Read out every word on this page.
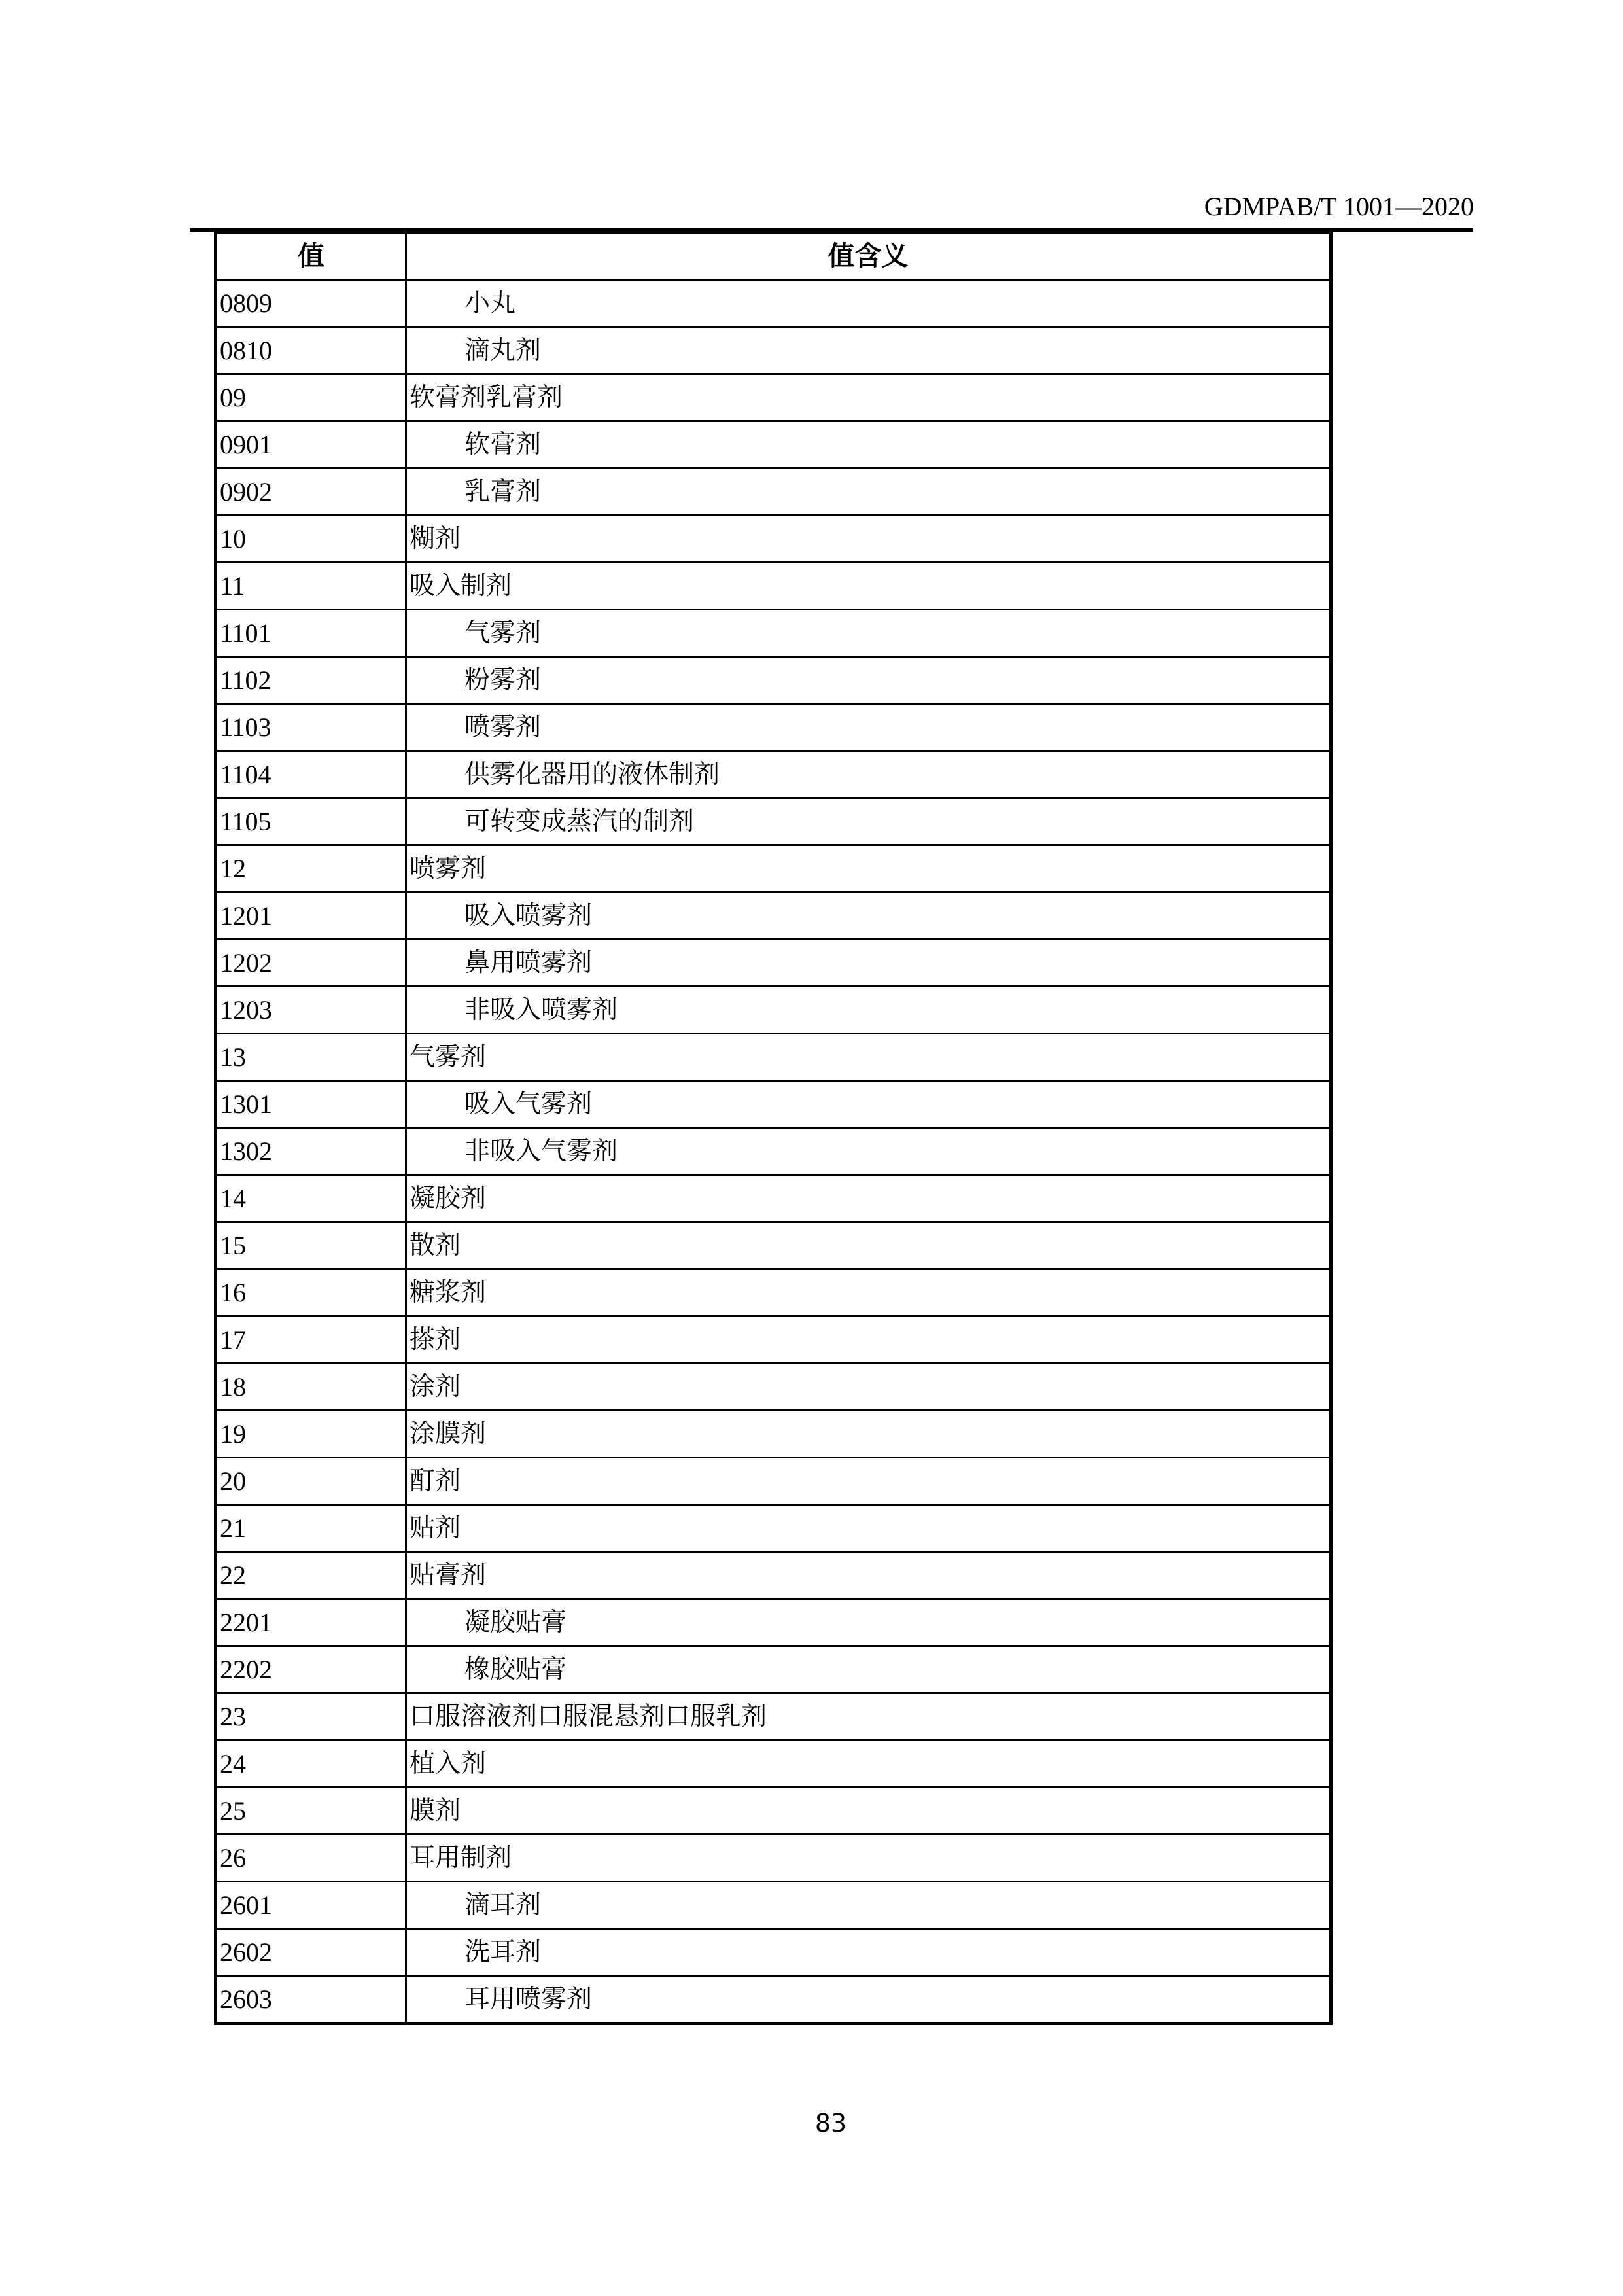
GDMPAB/T 1001—2020
值	值含义
0809	小丸
0810	滴丸剂
09	软膏剂乳膏剂
0901	软膏剂
0902	乳膏剂
10	糊剂
11	吸入制剂
1101	气雾剂
1102	粉雾剂
1103	喷雾剂
1104	供雾化器用的液体制剂
1105	可转变成蒸汽的制剂
12	喷雾剂
1201	吸入喷雾剂
1202	鼻用喷雾剂
1203	非吸入喷雾剂
13	气雾剂
1301	吸入气雾剂
1302	非吸入气雾剂
14	凝胶剂
15	散剂
16	糖浆剂
17	搽剂
18	涂剂
19	涂膜剂
20	酊剂
21	贴剂
22	贴膏剂
2201	凝胶贴膏
2202	橡胶贴膏
23	口服溶液剂口服混悬剂口服乳剂
24	植入剂
25	膜剂
26	耳用制剂
2601	滴耳剂
2602	洗耳剂
2603	耳用喷雾剂
83
